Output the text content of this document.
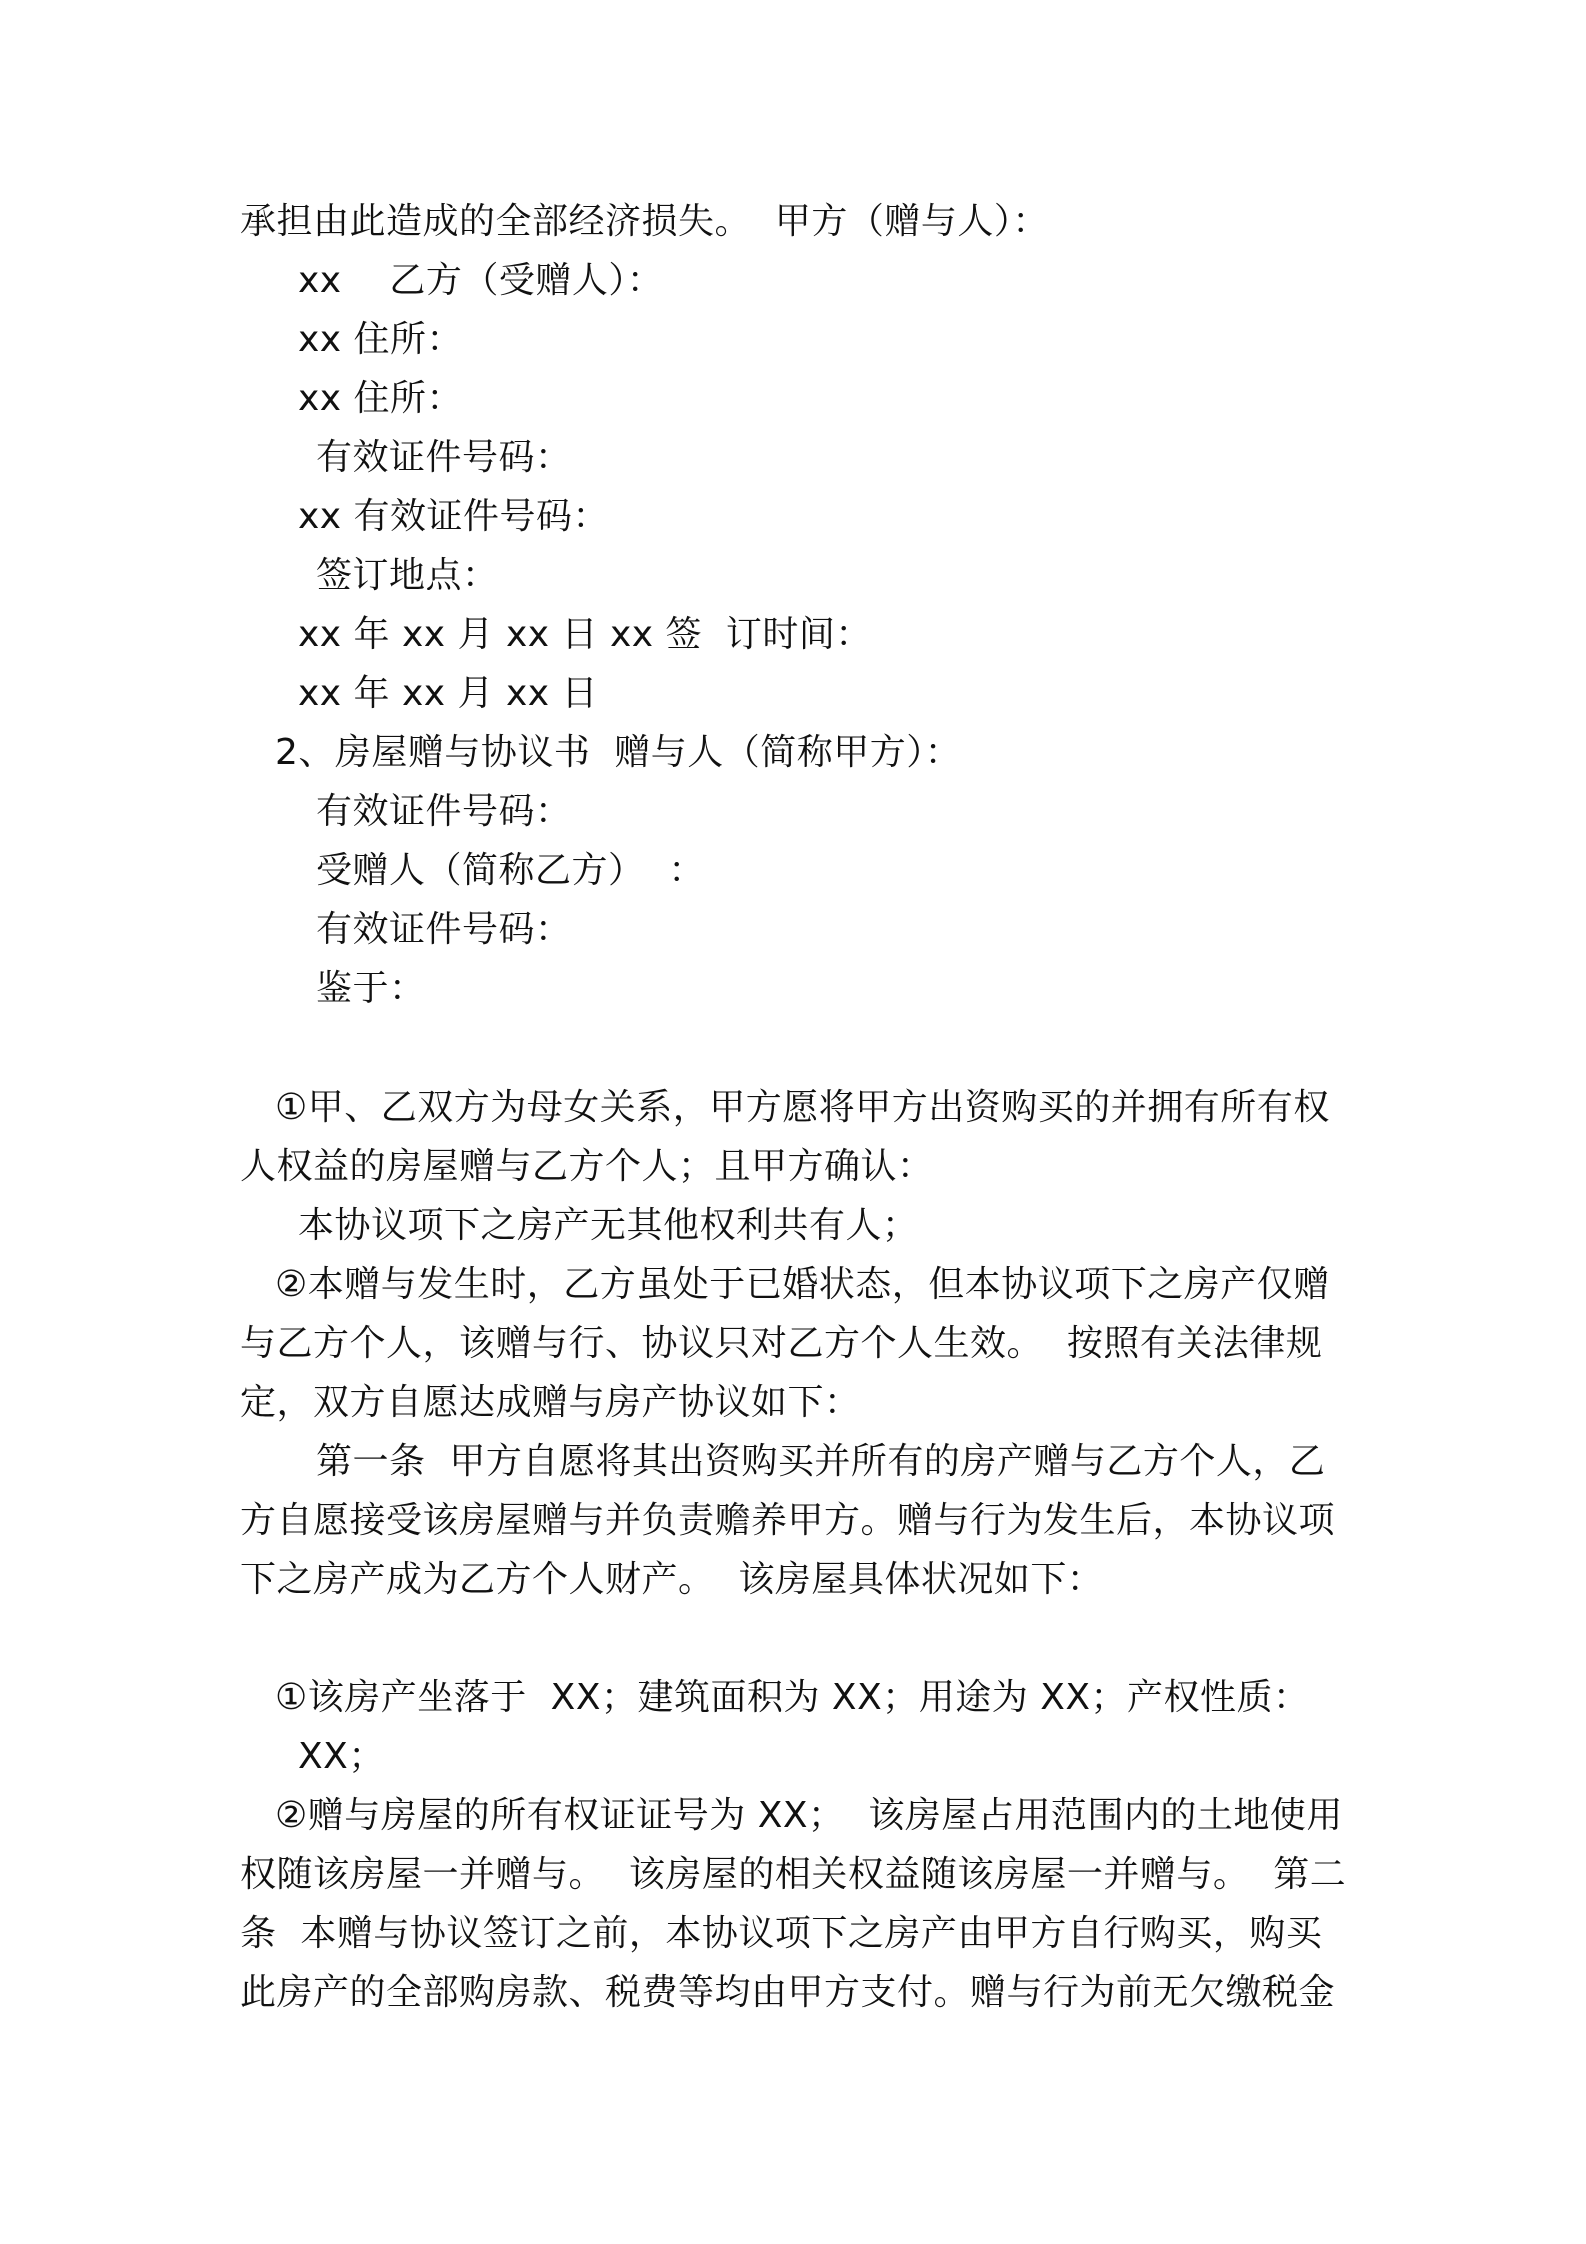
承担由此造成的全部经济损失。  甲方（赠与人）：
xx    乙方（受赠人）：
xx 住所：
xx 住所：
有效证件号码：
xx 有效证件号码：
签订地点：
xx 年 xx 月 xx 日 xx 签  订时间：
xx 年 xx 月 xx 日
2、房屋赠与协议书  赠与人（简称甲方）：
有效证件号码：
受赠人（简称乙方）  ：
有效证件号码：
鉴于：
①甲、乙双方为母女关系，甲方愿将甲方出资购买的并拥有所有权
人权益的房屋赠与乙方个人；且甲方确认：
本协议项下之房产无其他权利共有人；
②本赠与发生时，乙方虽处于已婚状态，但本协议项下之房产仅赠
与乙方个人，该赠与行、协议只对乙方个人生效。  按照有关法律规
定，双方自愿达成赠与房产协议如下：
第一条  甲方自愿将其出资购买并所有的房产赠与乙方个人，乙
方自愿接受该房屋赠与并负责赡养甲方。赠与行为发生后，本协议项
下之房产成为乙方个人财产。  该房屋具体状况如下：
①该房产坐落于  XX；建筑面积为 XX；用途为 XX；产权性质：
XX；
②赠与房屋的所有权证证号为 XX；  该房屋占用范围内的土地使用
权随该房屋一并赠与。  该房屋的相关权益随该房屋一并赠与。  第二
条  本赠与协议签订之前，本协议项下之房产由甲方自行购买，购买
此房产的全部购房款、税费等均由甲方支付。赠与行为前无欠缴税金
